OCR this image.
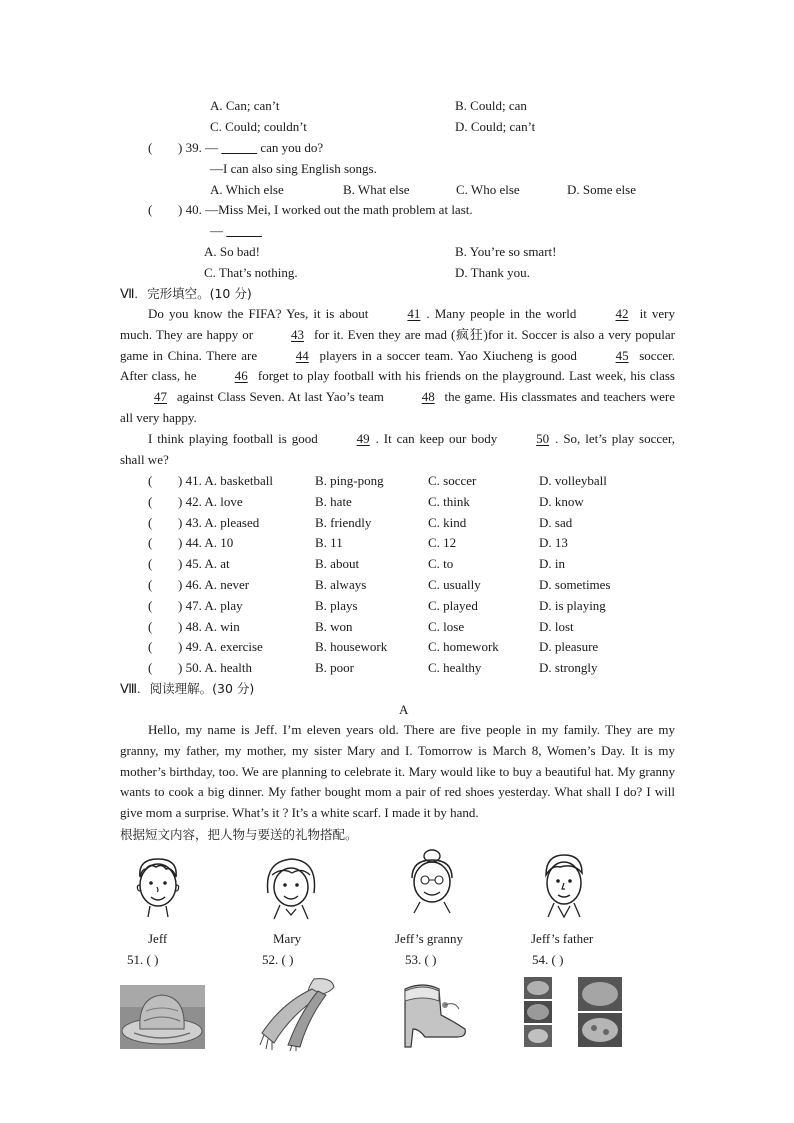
A. Can; can’t	B. Could; can
C. Could; couldn’t	D. Could; can’t
( ) 39. —	can you do?
—I can also sing English songs.
A. Which else	B. What else	C. Who else	D. Some else
( ) 40. —Miss Mei, I worked out the math problem at last.
—
A. So bad!	B. You’re so smart!
C. That’s nothing.	D. Thank you.
Ⅶ. 完形填空。(10 分)

Do you know the FIFA? Yes, it is about	41 . Many people in the world	42 it very much. They are happy or	43 for it. Even they are mad (疯狂)for it. Soccer is also a very popular game in China. There are	44 players in a soccer team. Yao Xiucheng is good	45 soccer. After class, he	46 forget to play football with his friends on the playground. Last week, his class 47 against Class Seven. At last Yao’s team	48 the game. His classmates and teachers were all very happy.

I think playing football is good	49 . It can keep our body	50 . So, let’s play soccer, shall we?

( ) 41. A. basketball	B. ping-pong	C. soccer	D. volleyball
( ) 42. A. love	B. hate	C. think	D. know
( ) 43. A. pleased	B. friendly	C. kind	D. sad
( ) 44. A. 10	B. 11	C. 12	D. 13
( ) 45. A. at	B. about	C. to	D. in
( ) 46. A. never	B. always	C. usually	D. sometimes
( ) 47. A. play	B. plays	C. played	D. is playing
( ) 48. A. win	B. won	C. lose	D. lost
( ) 49. A. exercise	B. housework	C. homework	D. pleasure
( ) 50. A. health	B. poor	C. healthy	D. strongly
Ⅷ. 阅读理解。(30 分)
A

Hello, my name is Jeff. I’m eleven years old. There are five people in my family. They are my granny, my father, my mother, my sister Mary and I. Tomorrow is March 8, Women’s Day. It is my mother’s birthday, too. We are planning to celebrate it. Mary would like to buy a beautiful hat. My granny wants to cook a big dinner. My father bought mom a pair of red shoes yesterday. What shall I do? I will give mom a surprise. What’s it ? It’s a white scarf. I made it by hand.

根据短文内容，把人物与要送的礼物搭配。
Jeff	Mary	Jeff’s granny	Jeff’s father
51. ( )	52. ( )	53. ( )	54. ( )
